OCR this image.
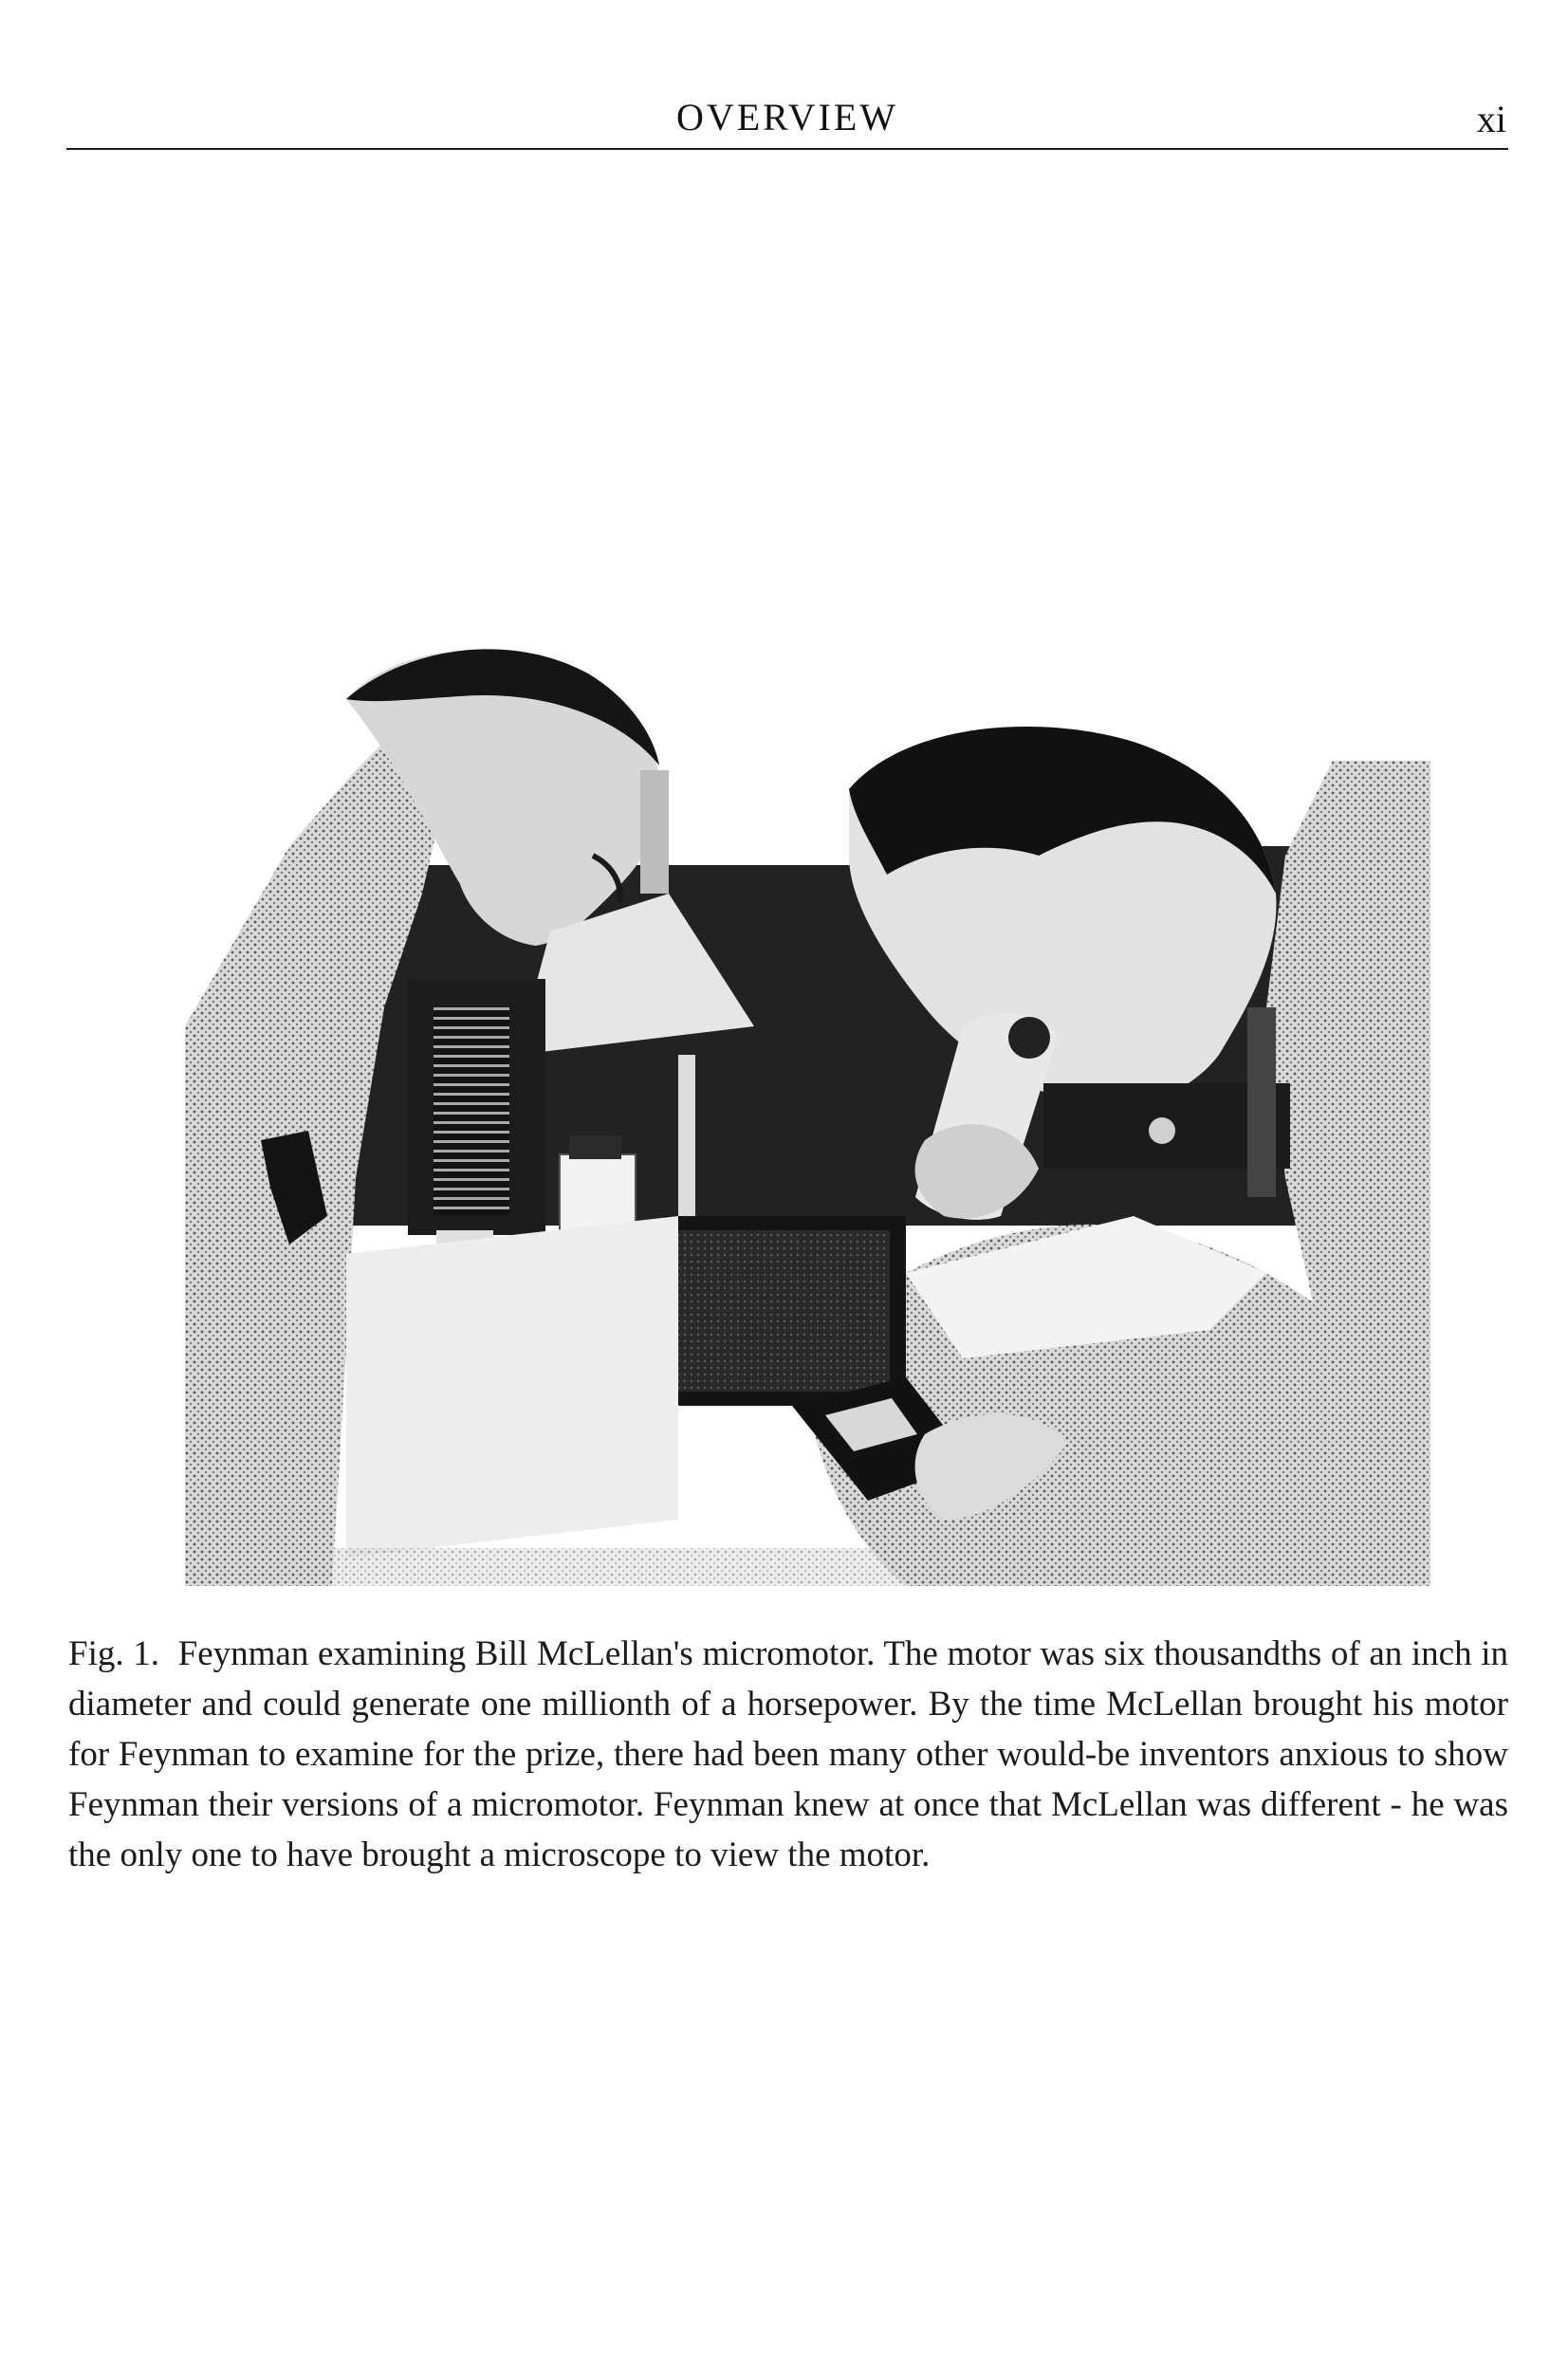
OVERVIEW	xi
Fig. 1. Feynman examining Bill McLellan's micromotor. The motor was six thousandths of an inch in diameter and could generate one millionth of a horsepower. By the time McLellan brought his motor for Feynman to examine for the prize, there had been many other would-be inventors anxious to show Feynman their versions of a micromotor. Feynman knew at once that McLellan was different - he was the only one to have brought a microscope to view the motor.
